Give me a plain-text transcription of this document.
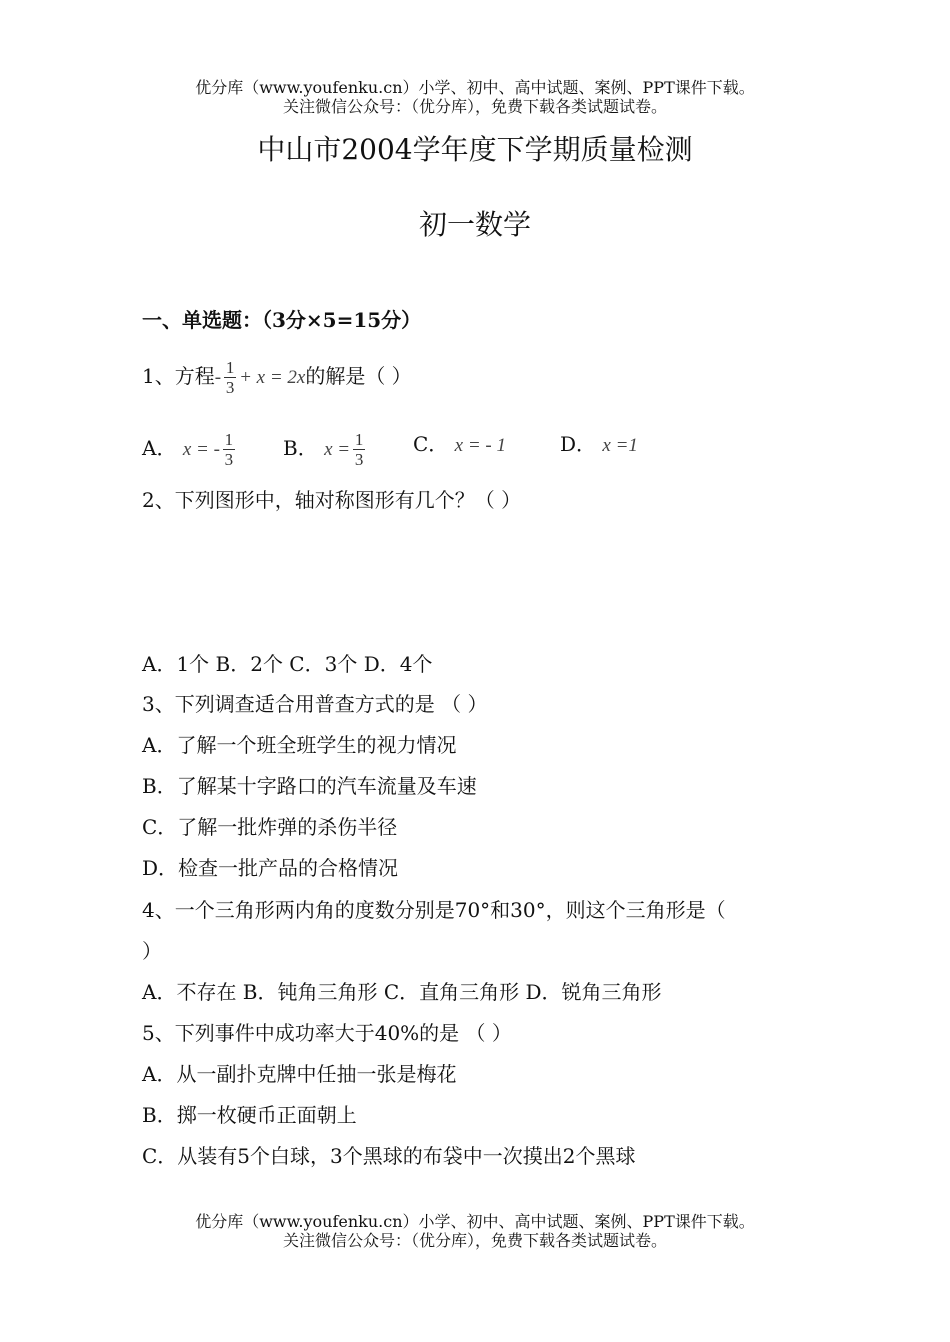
优分库（www.youfenku.cn）小学、初中、高中试题、案例、PPT课件下载。
关注微信公众号：（优分库），免费下载各类试题试卷。
中山市2004学年度下学期质量检测
初一数学
一、单选题：（3分×5=15分）
1、方程- $\frac{1}{3} + x = 2x$的解是（ ）
A． x = - $\frac{1}{3}$ B． $x = \frac{1}{3}$ C． x = - 1	D． x =1
2、下列图形中，轴对称图形有几个？（ ）
A．1个 B．2个 C．3个 D．4个
3、下列调查适合用普查方式的是 （ ）
A．了解一个班全班学生的视力情况
B．了解某十字路口的汽车流量及车速
C．了解一批炸弹的杀伤半径
D．检查一批产品的合格情况
4、一个三角形两内角的度数分别是70°和30°，则这个三角形是（
）
A．不存在 B．钝角三角形 C．直角三角形 D．锐角三角形
5、下列事件中成功率大于40%的是 （ ）
A．从一副扑克牌中任抽一张是梅花
B．掷一枚硬币正面朝上
C．从装有5个白球，3个黑球的布袋中一次摸出2个黑球
优分库（www.youfenku.cn）小学、初中、高中试题、案例、PPT课件下载。
关注微信公众号：（优分库），免费下载各类试题试卷。
